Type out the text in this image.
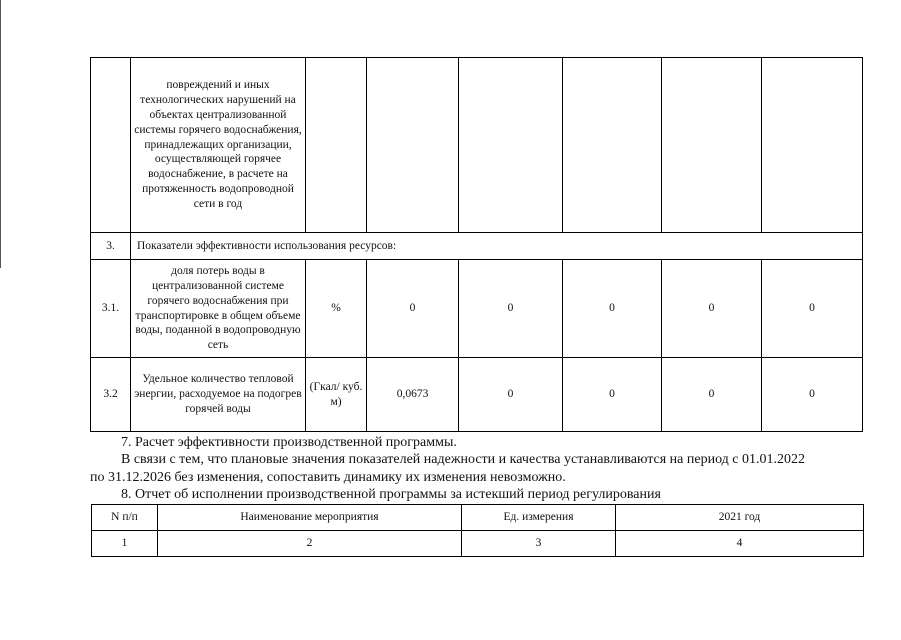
	повреждений и иных технологических нарушений на объектах централизованной системы горячего водоснабжения, принадлежащих организации, осуществляющей горячее водоснабжение, в расчете на протяженность водопроводной сети в год						
3.	Показатели эффективности использования ресурсов:						
3.1.	доля потерь воды в централизованной системе горячего водоснабжения при транспортировке в общем объеме воды, поданной в водопроводную сеть	%	0	0	0	0	0
3.2	Удельное количество тепловой энергии, расходуемое на подогрев горячей воды	(Гкал/ куб. м)	0,0673	0	0	0	0
7. Расчет эффективности производственной программы.
В связи с тем, что плановые значения показателей надежности и качества устанавливаются на период с 01.01.2022
по 31.12.2026 без изменения, сопоставить динамику их изменения невозможно.
8. Отчет об исполнении производственной программы за истекший период регулирования
N п/п	Наименование мероприятия	Ед. измерения	2021 год
1	2	3	4
